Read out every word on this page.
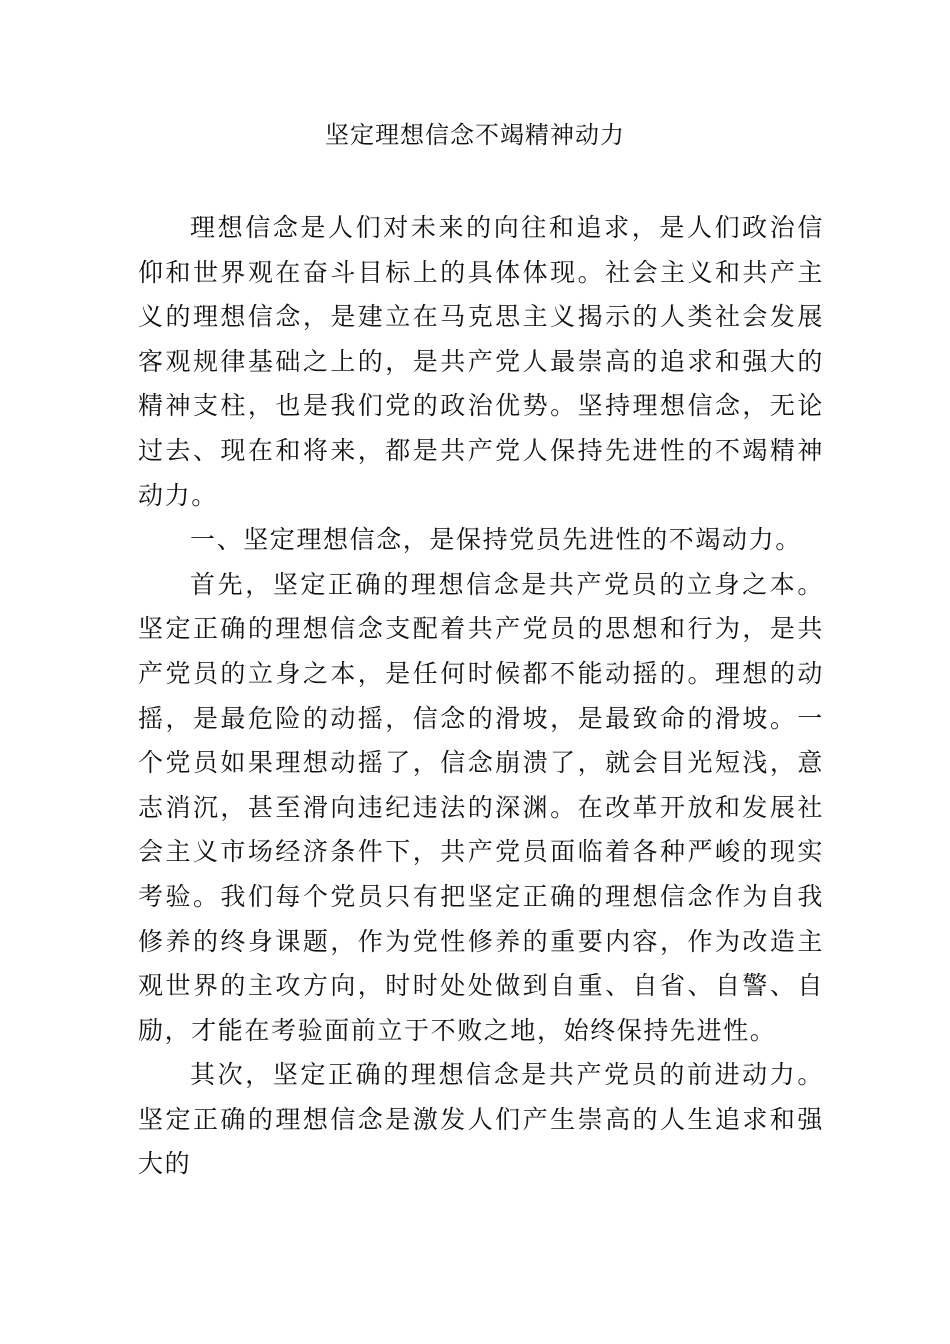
坚定理想信念不竭精神动力

理想信念是人们对未来的向往和追求，是人们政治信仰和世界观在奋斗目标上的具体体现。社会主义和共产主义的理想信念，是建立在马克思主义揭示的人类社会发展客观规律基础之上的，是共产党人最崇高的追求和强大的精神支柱，也是我们党的政治优势。坚持理想信念，无论过去、现在和将来，都是共产党人保持先进性的不竭精神动力。

一、坚定理想信念，是保持党员先进性的不竭动力。

首先，坚定正确的理想信念是共产党员的立身之本。坚定正确的理想信念支配着共产党员的思想和行为，是共产党员的立身之本，是任何时候都不能动摇的。理想的动摇，是最危险的动摇，信念的滑坡，是最致命的滑坡。一个党员如果理想动摇了，信念崩溃了，就会目光短浅，意志消沉，甚至滑向违纪违法的深渊。在改革开放和发展社会主义市场经济条件下，共产党员面临着各种严峻的现实考验。我们每个党员只有把坚定正确的理想信念作为自我修养的终身课题，作为党性修养的重要内容，作为改造主观世界的主攻方向，时时处处做到自重、自省、自警、自励，才能在考验面前立于不败之地，始终保持先进性。

其次，坚定正确的理想信念是共产党员的前进动力。坚定正确的理想信念是激发人们产生崇高的人生追求和强大的
